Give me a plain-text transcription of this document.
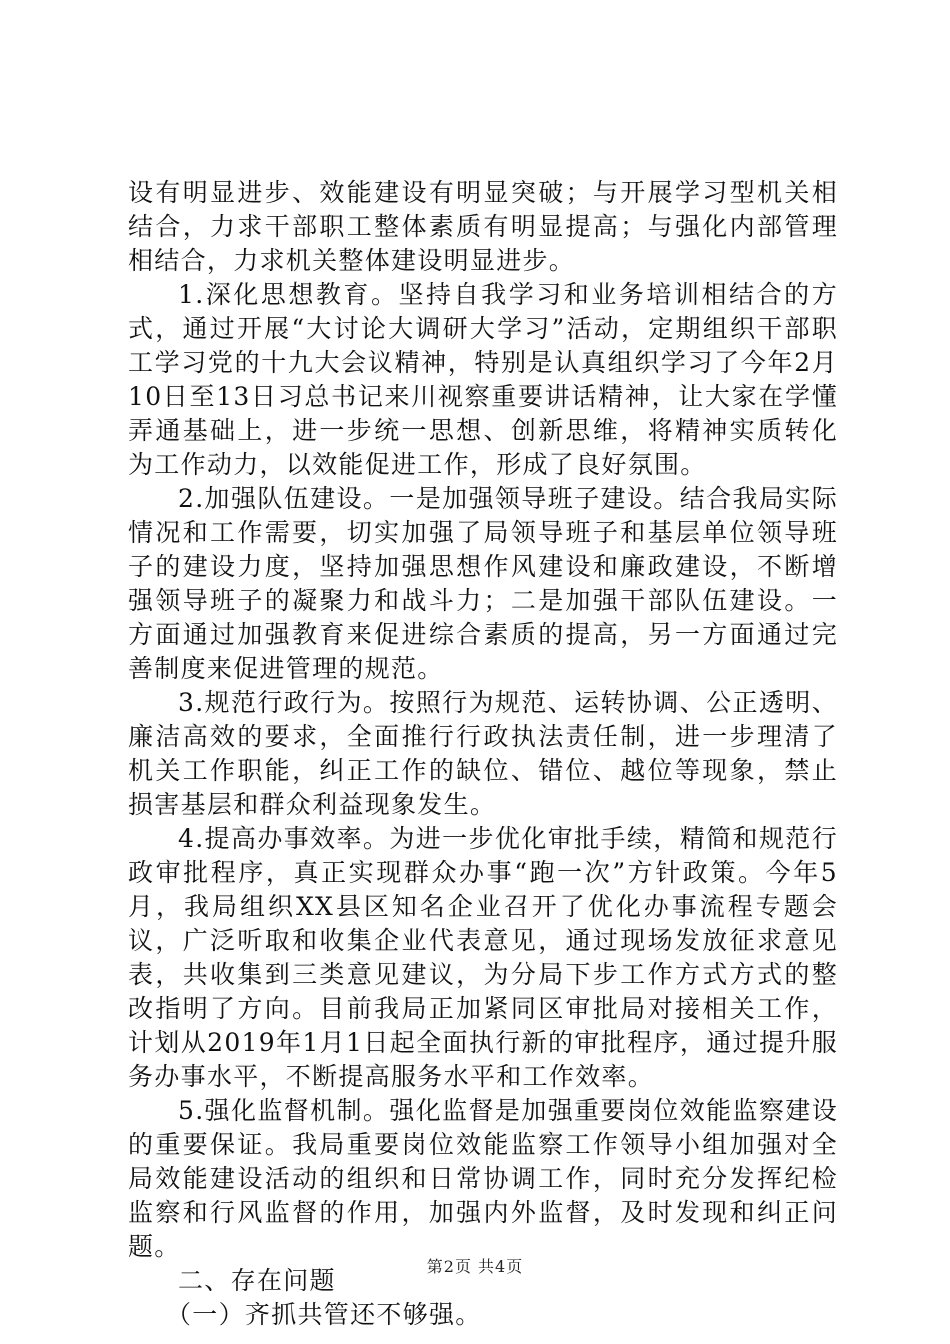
设有明显进步、效能建设有明显突破；与开展学习型机关相结合，力求干部职工整体素质有明显提高；与强化内部管理相结合，力求机关整体建设明显进步。

1.深化思想教育。坚持自我学习和业务培训相结合的方式，通过开展“大讨论大调研大学习”活动，定期组织干部职工学习党的十九大会议精神，特别是认真组织学习了今年2月10日至13日习总书记来川视察重要讲话精神，让大家在学懂弄通基础上，进一步统一思想、创新思维，将精神实质转化为工作动力，以效能促进工作，形成了良好氛围。

2.加强队伍建设。一是加强领导班子建设。结合我局实际情况和工作需要，切实加强了局领导班子和基层单位领导班子的建设力度，坚持加强思想作风建设和廉政建设，不断增强领导班子的凝聚力和战斗力；二是加强干部队伍建设。一方面通过加强教育来促进综合素质的提高，另一方面通过完善制度来促进管理的规范。

3.规范行政行为。按照行为规范、运转协调、公正透明、廉洁高效的要求，全面推行行政执法责任制，进一步理清了机关工作职能，纠正工作的缺位、错位、越位等现象，禁止损害基层和群众利益现象发生。

4.提高办事效率。为进一步优化审批手续，精简和规范行政审批程序，真正实现群众办事“跑一次”方针政策。今年5月，我局组织XX县区知名企业召开了优化办事流程专题会议，广泛听取和收集企业代表意见，通过现场发放征求意见表，共收集到三类意见建议，为分局下步工作方式方式的整改指明了方向。目前我局正加紧同区审批局对接相关工作，计划从2019年1月1日起全面执行新的审批程序，通过提升服务办事水平，不断提高服务水平和工作效率。

5.强化监督机制。强化监督是加强重要岗位效能监察建设的重要保证。我局重要岗位效能监察工作领导小组加强对全局效能建设活动的组织和日常协调工作，同时充分发挥纪检监察和行风监督的作用，加强内外监督，及时发现和纠正问题。

二、存在问题

（一）齐抓共管还不够强。

第2页 共4页
